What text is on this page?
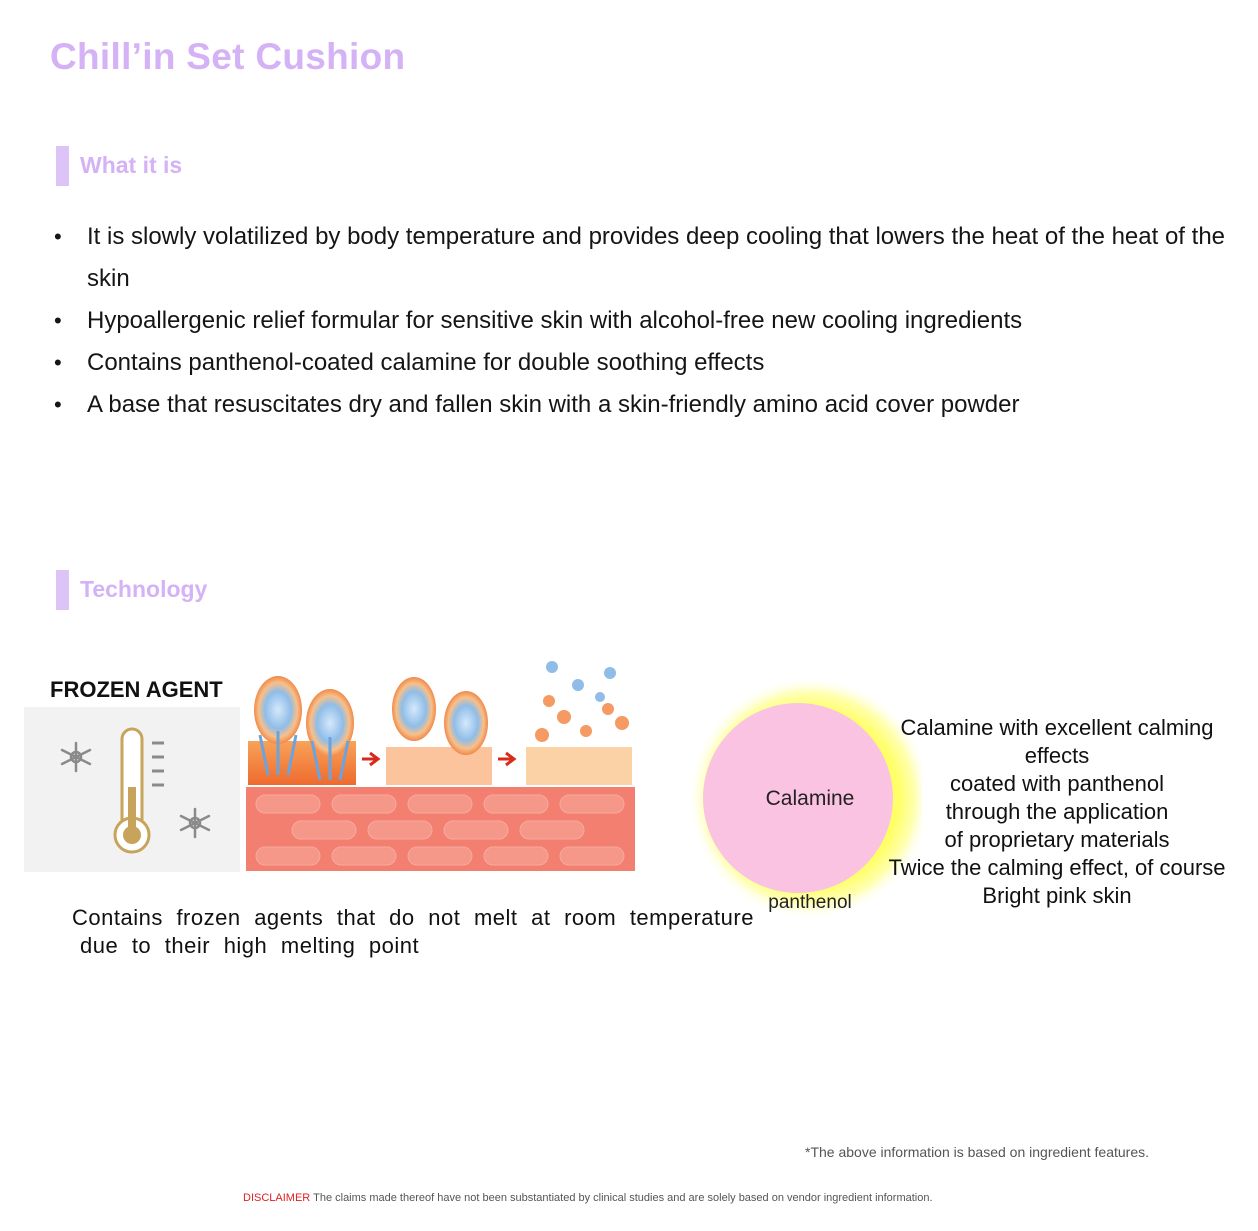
Chill’in Set Cushion
What it is
• It is slowly volatilized by body temperature and provides deep cooling that lowers the heat of the heat of the skin
• Hypoallergenic relief formular for sensitive skin with alcohol-free new cooling ingredients
• Contains panthenol-coated calamine for double soothing effects
• A base that resuscitates dry and fallen skin with a skin-friendly amino acid cover powder
Technology
FROZEN AGENT
Contains frozen agents that do not melt at room temperature
due to their high melting point
Calamine
panthenol
Calamine with excellent calming
effects
coated with panthenol
through the application
of proprietary materials
Twice the calming effect, of course
Bright pink skin
*The above information is based on ingredient features.
DISCLAIMER The claims made thereof have not been substantiated by clinical studies and are solely based on vendor ingredient information.
